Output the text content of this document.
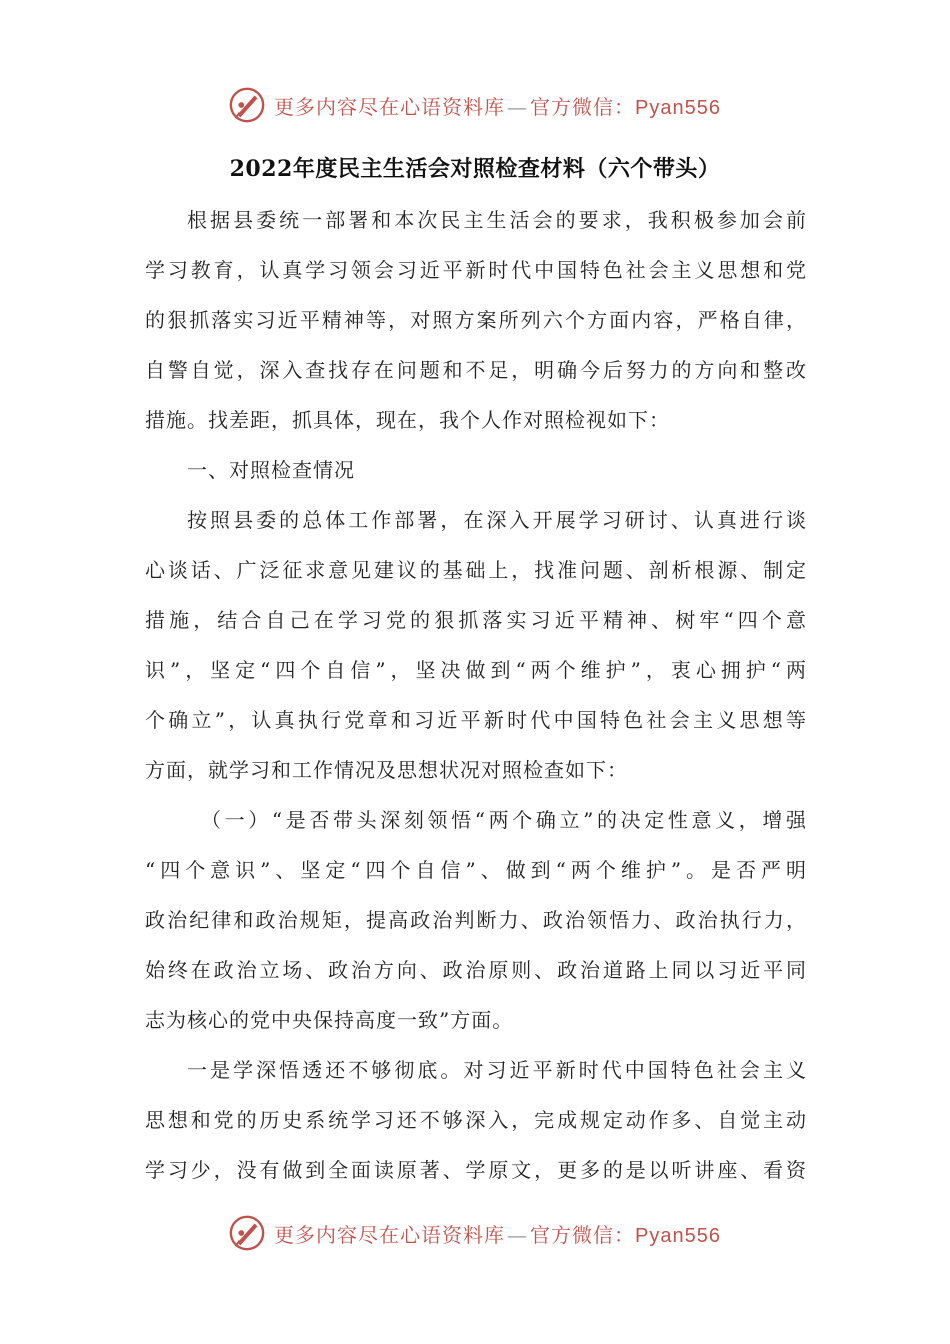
更多内容尽在心语资料库 — 官方微信：Pyan556
2022年度民主生活会对照检查材料（六个带头）
根据县委统一部署和本次民主生活会的要求，我积极参加会前
学习教育，认真学习领会习近平新时代中国特色社会主义思想和党
的狠抓落实习近平精神等，对照方案所列六个方面内容，严格自律，
自警自觉，深入查找存在问题和不足，明确今后努力的方向和整改
措施。找差距，抓具体，现在，我个人作对照检视如下：
一、对照检查情况
按照县委的总体工作部署，在深入开展学习研讨、认真进行谈
心谈话、广泛征求意见建议的基础上，找准问题、剖析根源、制定
措施，结合自己在学习党的狠抓落实习近平精神、树牢“四个意
识”，坚定“四个自信”，坚决做到“两个维护”，衷心拥护“两
个确立”，认真执行党章和习近平新时代中国特色社会主义思想等
方面，就学习和工作情况及思想状况对照检查如下：
（一）“是否带头深刻领悟“两个确立”的决定性意义，增强
“四个意识”、坚定“四个自信”、做到“两个维护”。是否严明
政治纪律和政治规矩，提高政治判断力、政治领悟力、政治执行力，
始终在政治立场、政治方向、政治原则、政治道路上同以习近平同
志为核心的党中央保持高度一致”方面。
一是学深悟透还不够彻底。对习近平新时代中国特色社会主义
思想和党的历史系统学习还不够深入，完成规定动作多、自觉主动
学习少，没有做到全面读原著、学原文，更多的是以听讲座、看资
更多内容尽在心语资料库 — 官方微信：Pyan556
